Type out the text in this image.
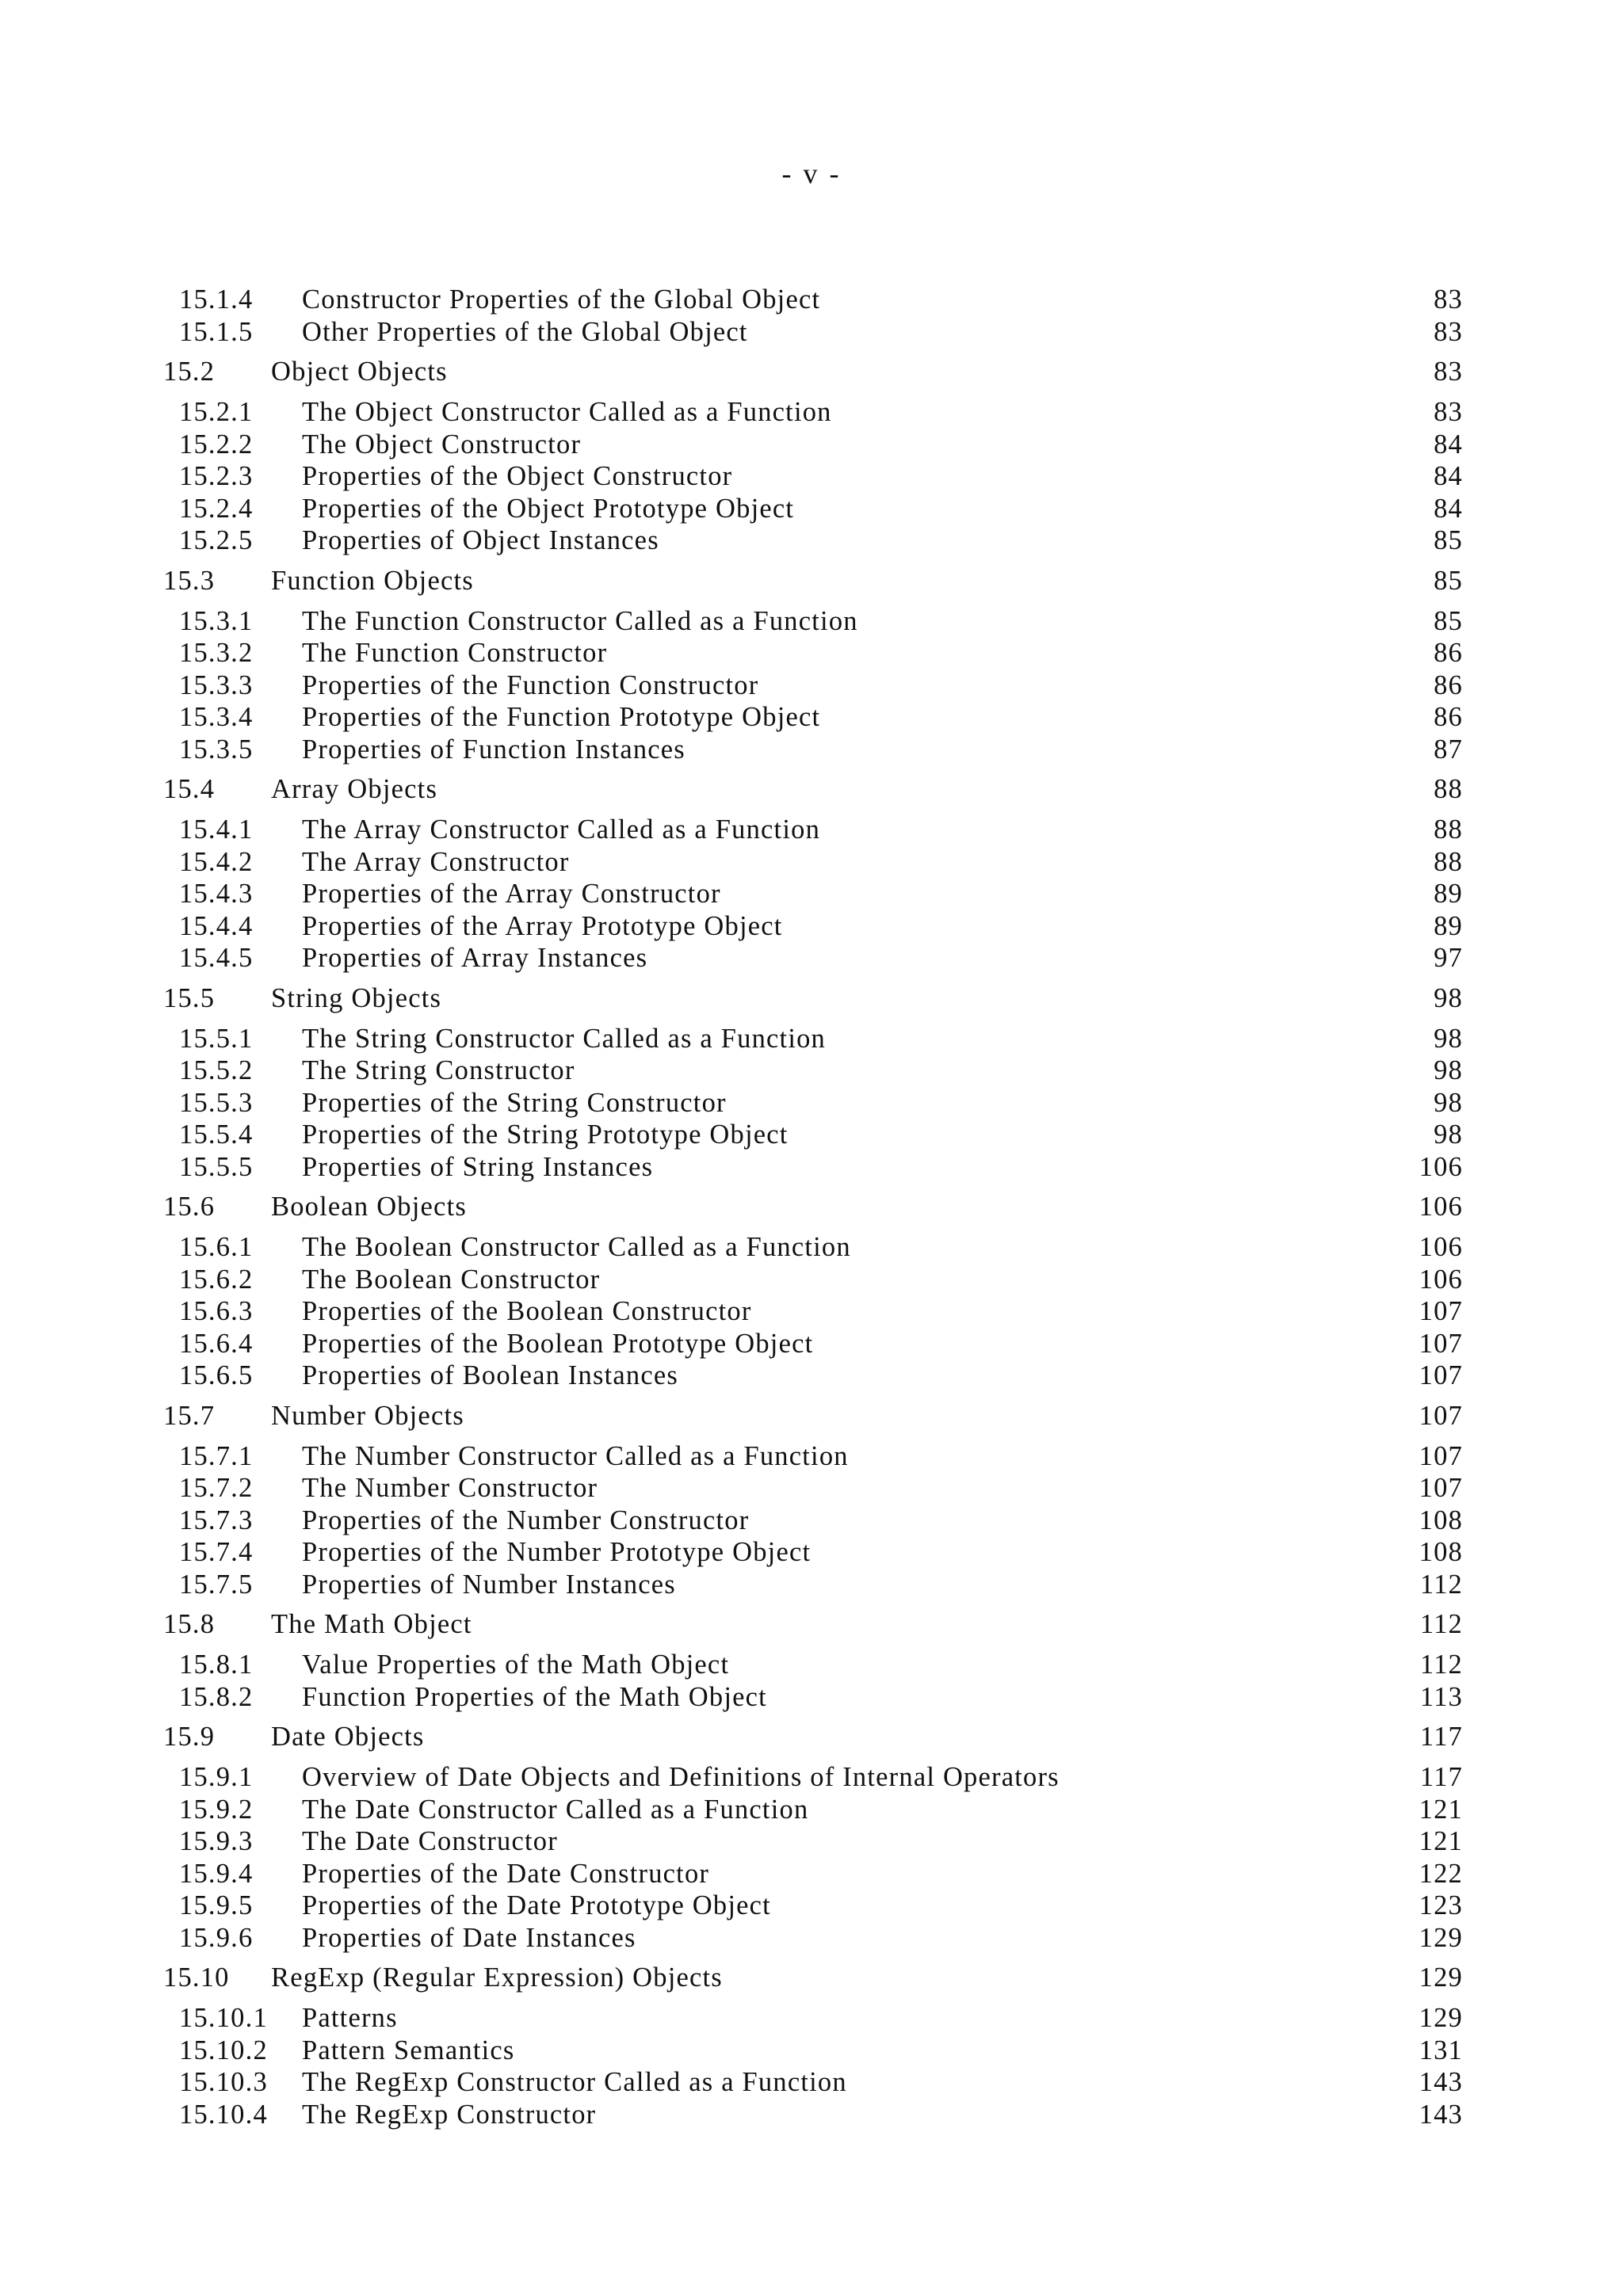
- v -
15.1.4 Constructor Properties of the Global Object	83
15.1.5 Other Properties of the Global Object	83
15.2 Object Objects	83
15.2.1 The Object Constructor Called as a Function	83
15.2.2 The Object Constructor	84
15.2.3 Properties of the Object Constructor	84
15.2.4 Properties of the Object Prototype Object	84
15.2.5 Properties of Object Instances	85
15.3 Function Objects	85
15.3.1 The Function Constructor Called as a Function	85
15.3.2 The Function Constructor	86
15.3.3 Properties of the Function Constructor	86
15.3.4 Properties of the Function Prototype Object	86
15.3.5 Properties of Function Instances	87
15.4 Array Objects	88
15.4.1 The Array Constructor Called as a Function	88
15.4.2 The Array Constructor	88
15.4.3 Properties of the Array Constructor	89
15.4.4 Properties of the Array Prototype Object	89
15.4.5 Properties of Array Instances	97
15.5 String Objects	98
15.5.1 The String Constructor Called as a Function	98
15.5.2 The String Constructor	98
15.5.3 Properties of the String Constructor	98
15.5.4 Properties of the String Prototype Object	98
15.5.5 Properties of String Instances	106
15.6 Boolean Objects	106
15.6.1 The Boolean Constructor Called as a Function	106
15.6.2 The Boolean Constructor	106
15.6.3 Properties of the Boolean Constructor	107
15.6.4 Properties of the Boolean Prototype Object	107
15.6.5 Properties of Boolean Instances	107
15.7 Number Objects	107
15.7.1 The Number Constructor Called as a Function	107
15.7.2 The Number Constructor	107
15.7.3 Properties of the Number Constructor	108
15.7.4 Properties of the Number Prototype Object	108
15.7.5 Properties of Number Instances	112
15.8 The Math Object	112
15.8.1 Value Properties of the Math Object	112
15.8.2 Function Properties of the Math Object	113
15.9 Date Objects	117
15.9.1 Overview of Date Objects and Definitions of Internal Operators	117
15.9.2 The Date Constructor Called as a Function	121
15.9.3 The Date Constructor	121
15.9.4 Properties of the Date Constructor	122
15.9.5 Properties of the Date Prototype Object	123
15.9.6 Properties of Date Instances	129
15.10 RegExp (Regular Expression) Objects	129
15.10.1 Patterns	129
15.10.2 Pattern Semantics	131
15.10.3 The RegExp Constructor Called as a Function	143
15.10.4 The RegExp Constructor	143
